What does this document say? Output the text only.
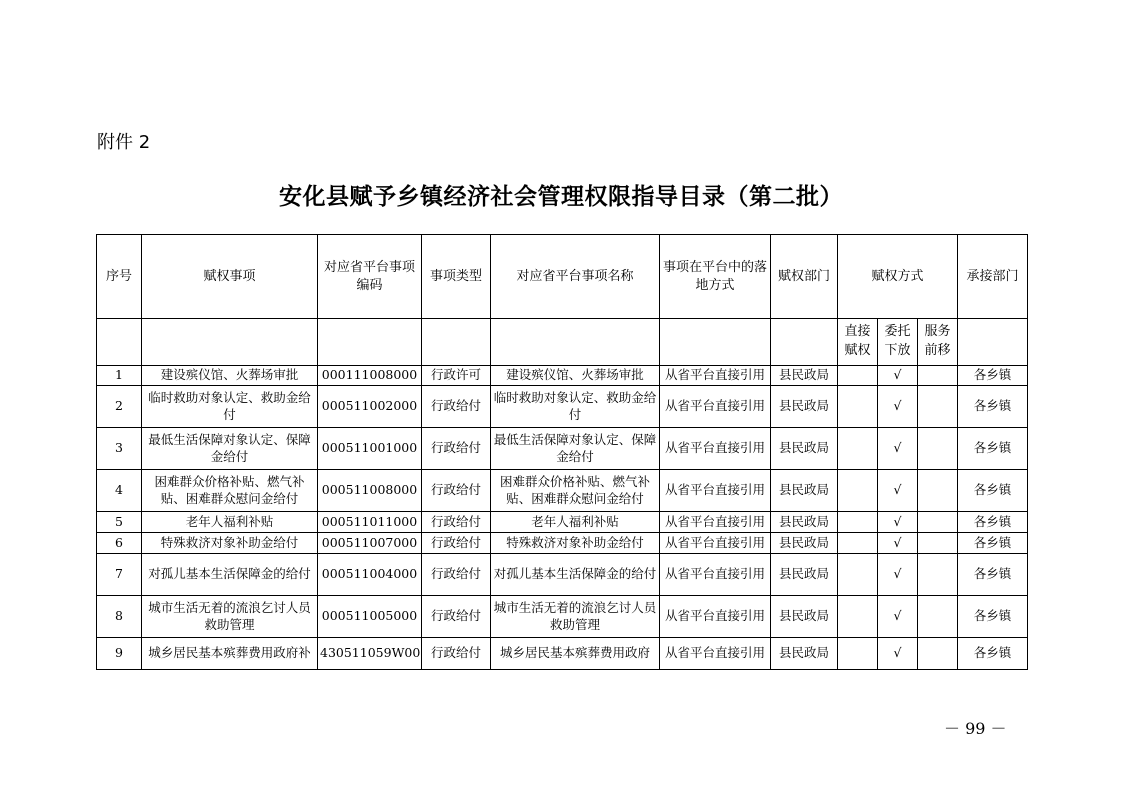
附件 2
安化县赋予乡镇经济社会管理权限指导目录（第二批）
序号	赋权事项	对应省平台事项编码	事项类型	对应省平台事项名称	事项在平台中的落地方式	赋权部门	赋权方式			承接部门
							直接赋权	委托下放	服务前移	
1	建设殡仪馆、火葬场审批	000111008000	行政许可	建设殡仪馆、火葬场审批	从省平台直接引用	县民政局		√		各乡镇
2	临时救助对象认定、救助金给付	000511002000	行政给付	临时救助对象认定、救助金给付	从省平台直接引用	县民政局		√		各乡镇
3	最低生活保障对象认定、保障金给付	000511001000	行政给付	最低生活保障对象认定、保障金给付	从省平台直接引用	县民政局		√		各乡镇
4	困难群众价格补贴、燃气补贴、困难群众慰问金给付	000511008000	行政给付	困难群众价格补贴、燃气补贴、困难群众慰问金给付	从省平台直接引用	县民政局		√		各乡镇
5	老年人福利补贴	000511011000	行政给付	老年人福利补贴	从省平台直接引用	县民政局		√		各乡镇
6	特殊救济对象补助金给付	000511007000	行政给付	特殊救济对象补助金给付	从省平台直接引用	县民政局		√		各乡镇
7	对孤儿基本生活保障金的给付	000511004000	行政给付	对孤儿基本生活保障金的给付	从省平台直接引用	县民政局		√		各乡镇
8	城市生活无着的流浪乞讨人员救助管理	000511005000	行政给付	城市生活无着的流浪乞讨人员救助管理	从省平台直接引用	县民政局		√		各乡镇
9	城乡居民基本殡葬费用政府补	430511059W00	行政给付	城乡居民基本殡葬费用政府	从省平台直接引用	县民政局		√		各乡镇
－ 99 －
